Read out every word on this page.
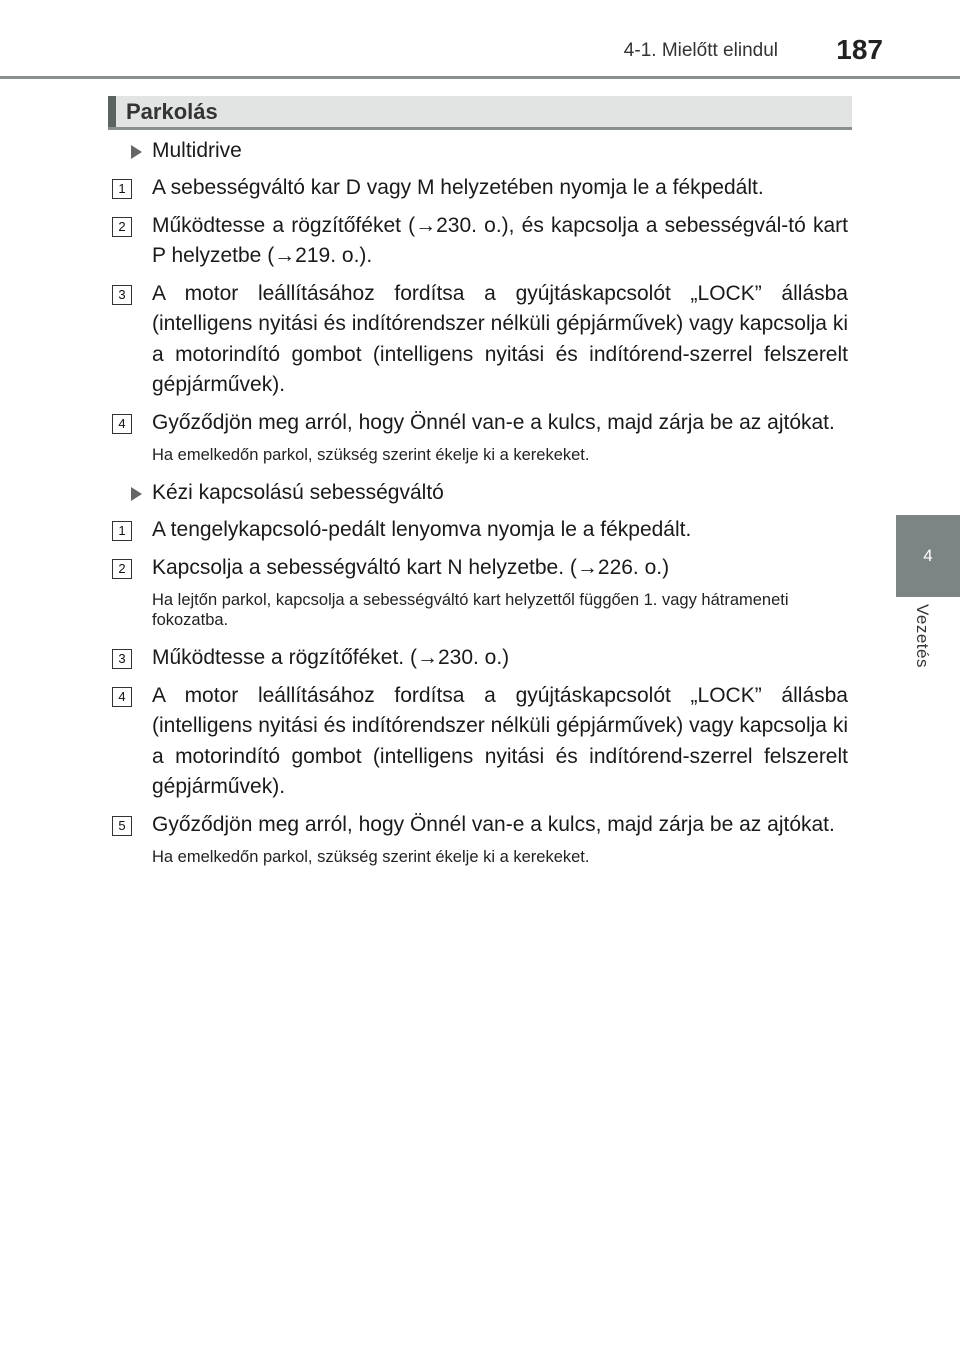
4-1. Mielőtt elindul 187
4
Vezetés
Parkolás
Multidrive
1	A sebességváltó kar D vagy M helyzetében nyomja le a fékpedált.
2	Működtesse a rögzítőféket (→230. o.), és kapcsolja a sebességvál-tó kart P helyzetbe (→219. o.).
3	A motor leállításához fordítsa a gyújtáskapcsolót „LOCK” állásba (intelligens nyitási és indítórendszer nélküli gépjárművek) vagy kapcsolja ki a motorindító gombot (intelligens nyitási és indítórend-szerrel felszerelt gépjárművek).
4	Győződjön meg arról, hogy Önnél van-e a kulcs, majd zárja be az ajtókat.
Ha emelkedőn parkol, szükség szerint ékelje ki a kerekeket.
Kézi kapcsolású sebességváltó
1	A tengelykapcsoló-pedált lenyomva nyomja le a fékpedált.
2	Kapcsolja a sebességváltó kart N helyzetbe. (→226. o.)
Ha lejtőn parkol, kapcsolja a sebességváltó kart helyzettől függően 1. vagy hátrameneti fokozatba.
3	Működtesse a rögzítőféket. (→230. o.)
4	A motor leállításához fordítsa a gyújtáskapcsolót „LOCK” állásba (intelligens nyitási és indítórendszer nélküli gépjárművek) vagy kapcsolja ki a motorindító gombot (intelligens nyitási és indítórend-szerrel felszerelt gépjárművek).
5	Győződjön meg arról, hogy Önnél van-e a kulcs, majd zárja be az ajtókat.
Ha emelkedőn parkol, szükség szerint ékelje ki a kerekeket.
